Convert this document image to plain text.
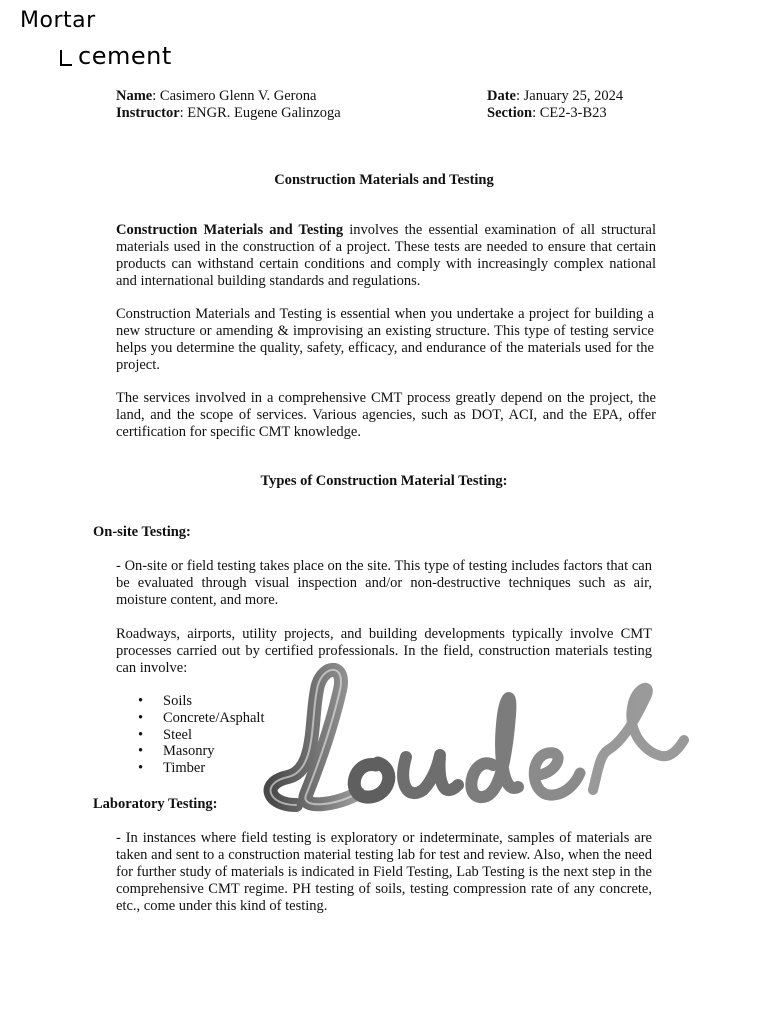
Mortar
cement
Name: Casimero Glenn V. Gerona
Instructor: ENGR. Eugene Galinzoga
Date: January 25, 2024
Section: CE2-3-B23
Construction Materials and Testing

Construction Materials and Testing involves the essential examination of all structural materials used in the construction of a project. These tests are needed to ensure that certain products can withstand certain conditions and comply with increasingly complex national and international building standards and regulations.

Construction Materials and Testing is essential when you undertake a project for building a new structure or amending & improvising an existing structure. This type of testing service helps you determine the quality, safety, efficacy, and endurance of the materials used for the project.

The services involved in a comprehensive CMT process greatly depend on the project, the land, and the scope of services. Various agencies, such as DOT, ACI, and the EPA, offer certification for specific CMT knowledge.

Types of Construction Material Testing:
On-site Testing:

- On-site or field testing takes place on the site. This type of testing includes factors that can be evaluated through visual inspection and/or non-destructive techniques such as air, moisture content, and more.

Roadways, airports, utility projects, and building developments typically involve CMT processes carried out by certified professionals. In the field, construction materials testing can involve:

• Soils
• Concrete/Asphalt
• Steel
• Masonry
• Timber
Laboratory Testing:

- In instances where field testing is exploratory or indeterminate, samples of materials are taken and sent to a construction material testing lab for test and review. Also, when the need for further study of materials is indicated in Field Testing, Lab Testing is the next step in the comprehensive CMT regime. PH testing of soils, testing compression rate of any concrete, etc., come under this kind of testing.
